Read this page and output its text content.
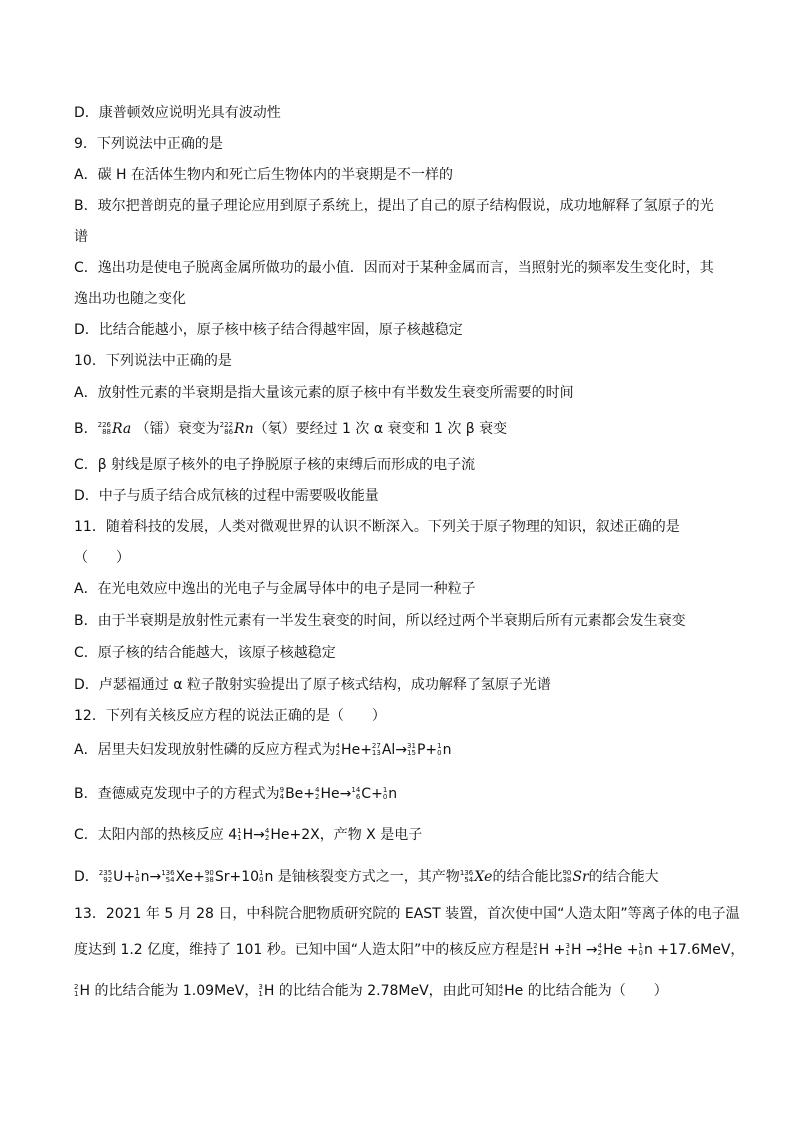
D．康普顿效应说明光具有波动性
9．下列说法中正确的是
A．碳 H 在活体生物内和死亡后生物体内的半衰期是不一样的
B．玻尔把普朗克的量子理论应用到原子系统上，提出了自己的原子结构假说，成功地解释了氢原子的光
谱
C．逸出功是使电子脱离金属所做功的最小值．因而对于某种金属而言，当照射光的频率发生变化时，其
逸出功也随之变化
D．比结合能越小，原子核中核子结合得越牢固，原子核越稳定
10．下列说法中正确的是
A．放射性元素的半衰期是指大量该元素的原子核中有半数发生衰变所需要的时间
B． 226
88 Ra （镭）衰变为 222
86 Rn（氡）要经过 1 次 α 衰变和 1 次 β 衰变
C．β 射线是原子核外的电子挣脱原子核的束缚后而形成的电子流
D．中子与质子结合成氘核的过程中需要吸收能量
11．随着科技的发展，人类对微观世界的认识不断深入。下列关于原子物理的知识，叙述正确的是
（　　）
A．在光电效应中逸出的光电子与金属导体中的电子是同一种粒子
B．由于半衰期是放射性元素有一半发生衰变的时间，所以经过两个半衰期后所有元素都会发生衰变
C．原子核的结合能越大，该原子核越稳定
D．卢瑟福通过 α 粒子散射实验提出了原子核式结构，成功解释了氢原子光谱
12．下列有关核反应方程的说法正确的是（　　）
A．居里夫妇发现放射性磷的反应方程式为 4
2 He+ 27
13 Al→ 31
15 P+ 1
0 n
B．查德威克发现中子的方程式为 9
4 Be+ 4
2 He→ 14
6 C+ 1
0 n
C．太阳内部的热核反应 4 1
1 H→ 4
2 He+2X，产物 X 是电子
D． 235
92 U+ 1
0 n→ 136
54 Xe+ 90
38 Sr+10 1
0 n 是铀核裂变方式之一，其产物 136
54 Xe的结合能比 90
38 Sr的结合能大
13．2021 年 5 月 28 日，中科院合肥物质研究院的 EAST 装置，首次使中国“人造太阳”等离子体的电子温
度达到 1.2 亿度，维持了 101 秒。已知中国“人造太阳”中的核反应方程是 2
1 H + 3
1 H → 4
2 He + 1
0 n +17.6MeV，
2
1 H 的比结合能为 1.09MeV， 3
1 H 的比结合能为 2.78MeV，由此可知 4
2 He 的比结合能为（　　）
